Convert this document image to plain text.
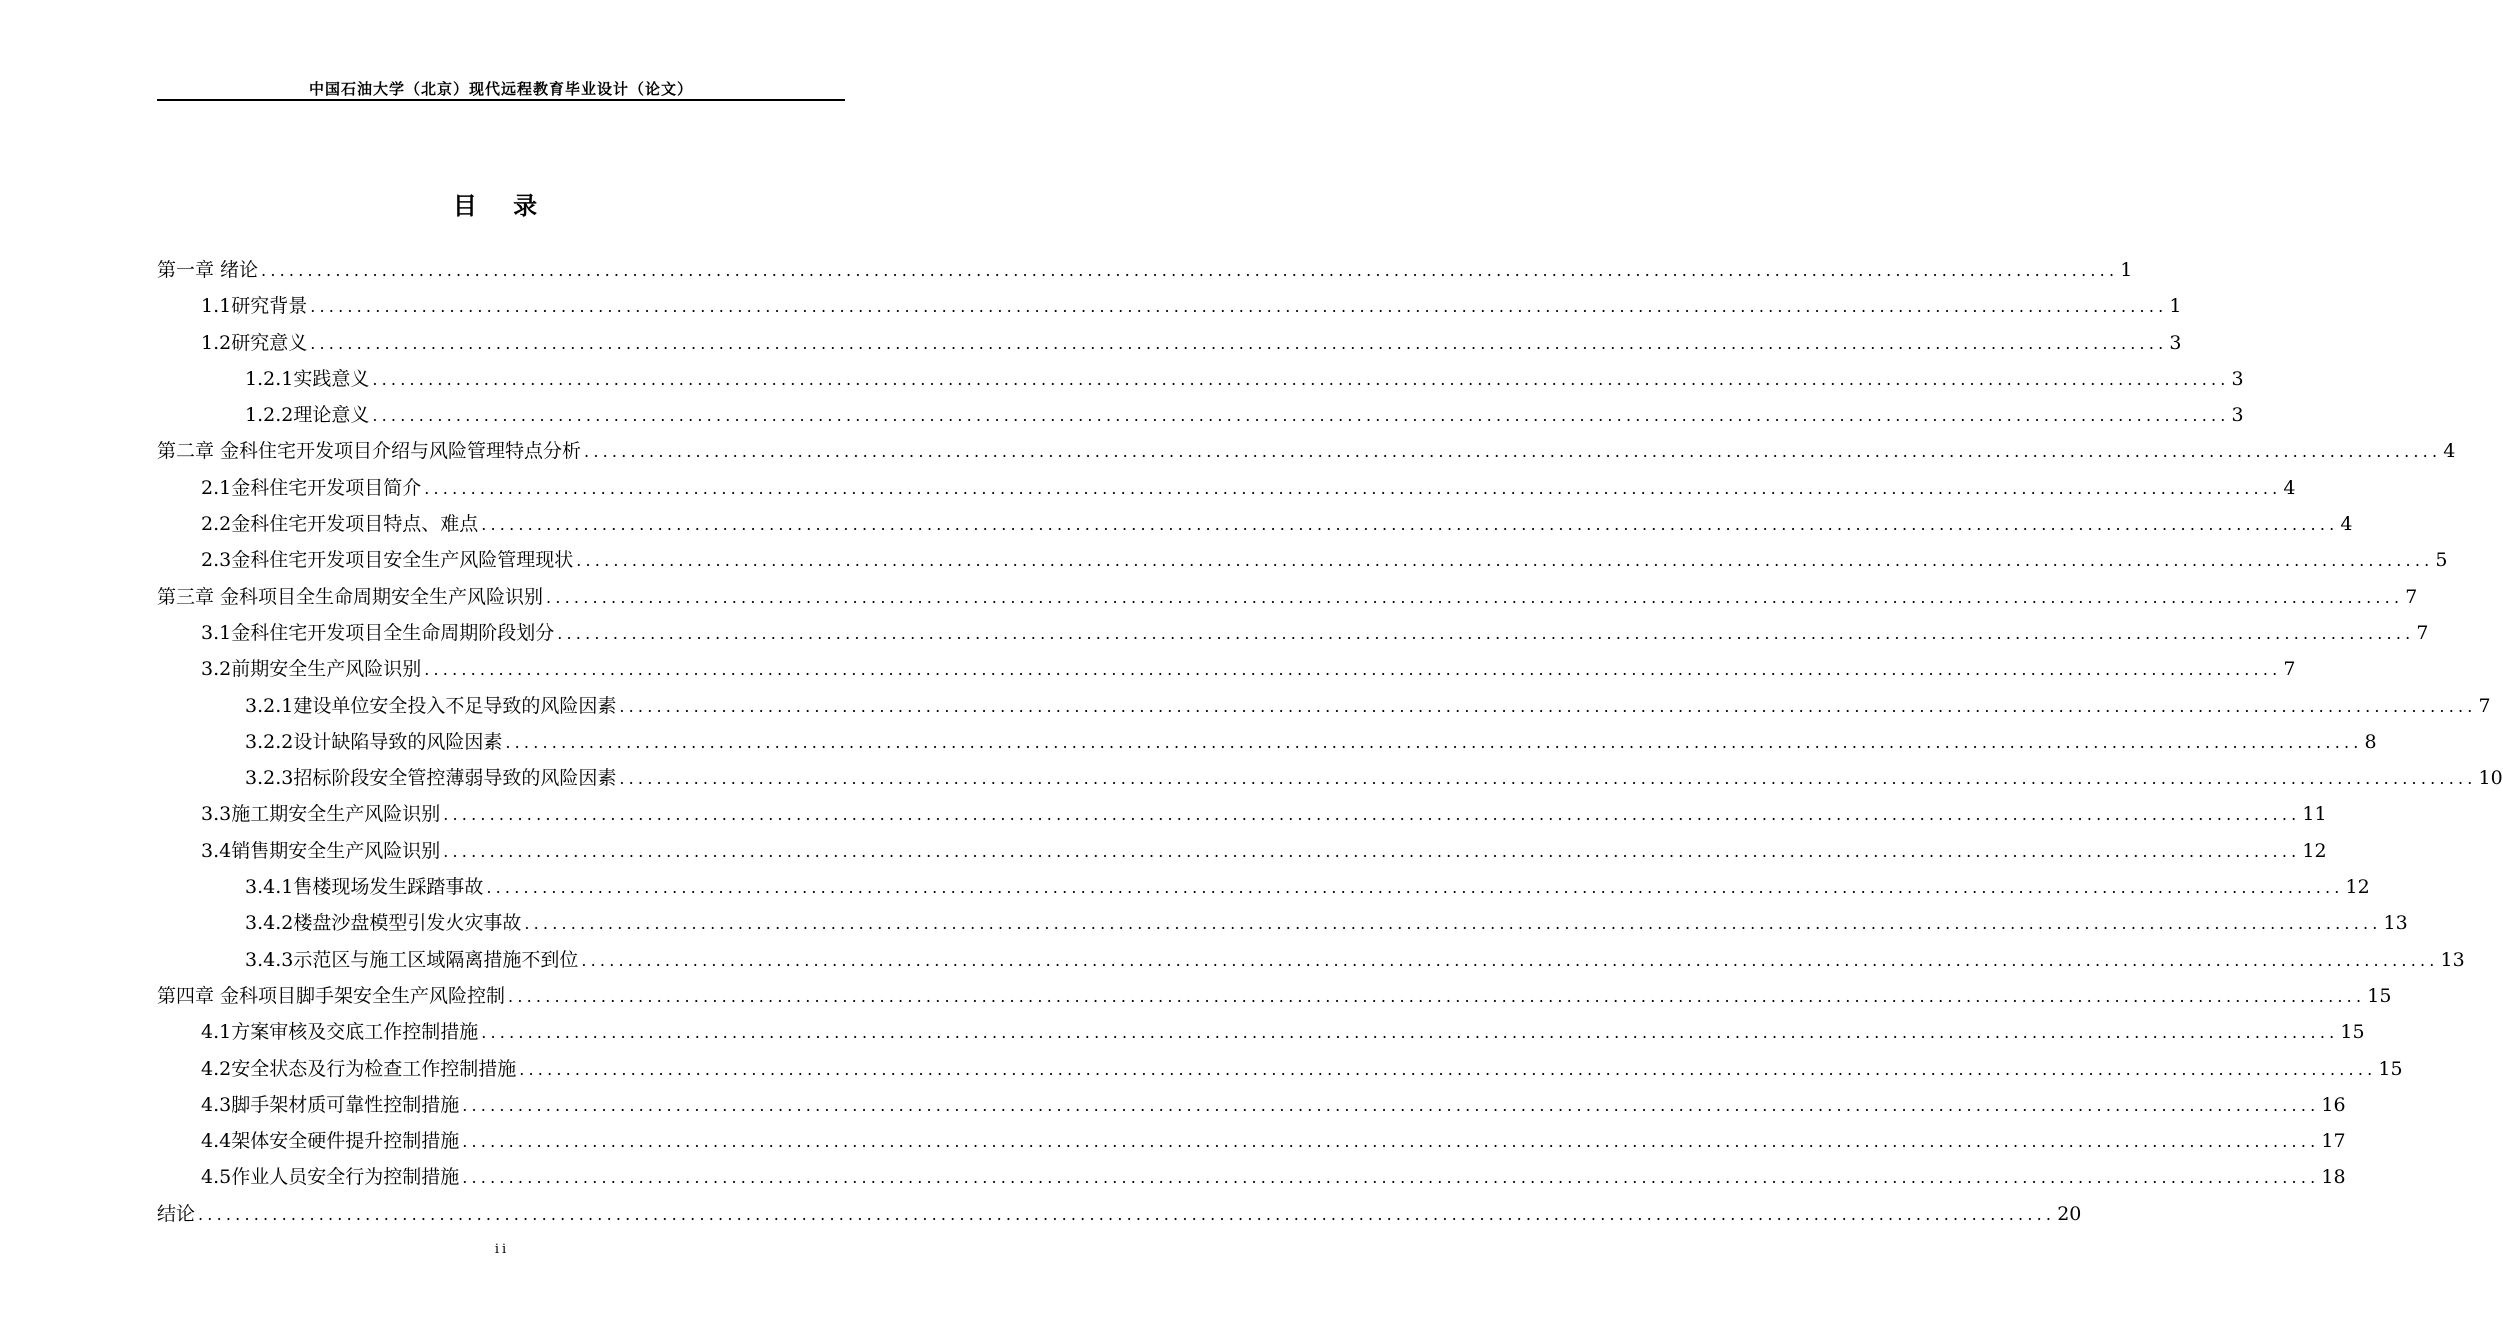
中国石油大学（北京）现代远程教育毕业设计（论文）
目 录
第一章 绪论 ........................................................................................................................................................................................................ 1
1.1研究背景 ........................................................................................................................................................................................................ 1
1.2研究意义 ........................................................................................................................................................................................................ 3
1.2.1实践意义 ........................................................................................................................................................................................................ 3
1.2.2理论意义 ........................................................................................................................................................................................................ 3
第二章 金科住宅开发项目介绍与风险管理特点分析 ........................................................................................................................................................................................................ 4
2.1金科住宅开发项目简介 ........................................................................................................................................................................................................ 4
2.2金科住宅开发项目特点、难点 ........................................................................................................................................................................................................ 4
2.3金科住宅开发项目安全生产风险管理现状 ........................................................................................................................................................................................................ 5
第三章 金科项目全生命周期安全生产风险识别 ........................................................................................................................................................................................................ 7
3.1金科住宅开发项目全生命周期阶段划分 ........................................................................................................................................................................................................ 7
3.2前期安全生产风险识别 ........................................................................................................................................................................................................ 7
3.2.1建设单位安全投入不足导致的风险因素 ........................................................................................................................................................................................................ 7
3.2.2设计缺陷导致的风险因素 ........................................................................................................................................................................................................ 8
3.2.3招标阶段安全管控薄弱导致的风险因素 ........................................................................................................................................................................................................ 10
3.3施工期安全生产风险识别 ........................................................................................................................................................................................................ 11
3.4销售期安全生产风险识别 ........................................................................................................................................................................................................ 12
3.4.1售楼现场发生踩踏事故 ........................................................................................................................................................................................................ 12
3.4.2楼盘沙盘模型引发火灾事故 ........................................................................................................................................................................................................ 13
3.4.3示范区与施工区域隔离措施不到位 ........................................................................................................................................................................................................ 13
第四章 金科项目脚手架安全生产风险控制 ........................................................................................................................................................................................................ 15
4.1方案审核及交底工作控制措施 ........................................................................................................................................................................................................ 15
4.2安全状态及行为检查工作控制措施 ........................................................................................................................................................................................................ 15
4.3脚手架材质可靠性控制措施 ........................................................................................................................................................................................................ 16
4.4架体安全硬件提升控制措施 ........................................................................................................................................................................................................ 17
4.5作业人员安全行为控制措施 ........................................................................................................................................................................................................ 18
结论 ........................................................................................................................................................................................................ 20
ii
